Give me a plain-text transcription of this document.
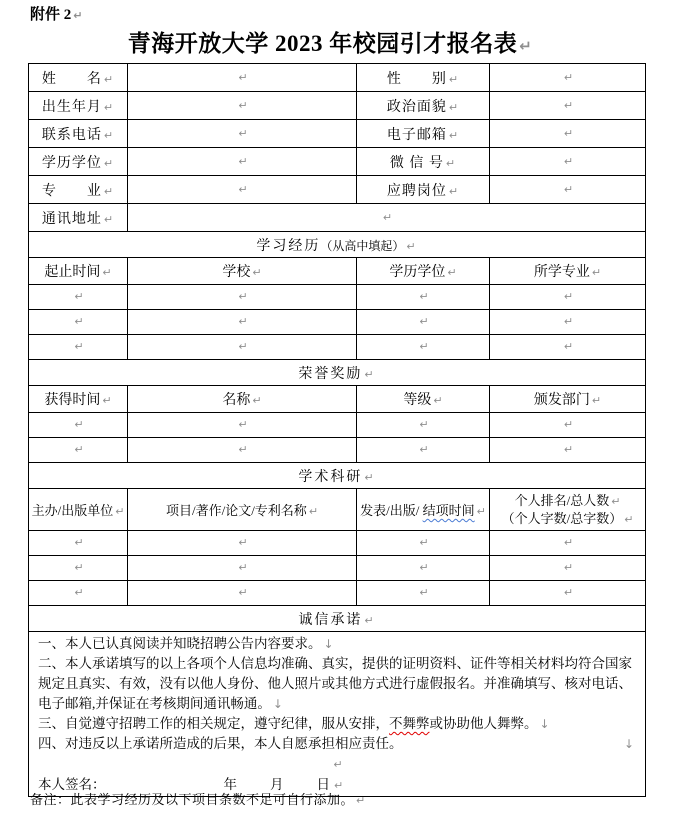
附件 2 ↵
青海开放大学 2023 年校园引才报名表 ↵
姓　　名 ↵	↵	性　　别 ↵	↵	
出生年月 ↵	↵	政治面貌 ↵	↵	
联系电话 ↵	↵	电子邮箱 ↵	↵	
学历学位 ↵	↵	微 信 号 ↵	↵	
专　　业 ↵	↵	应聘岗位 ↵	↵	
通讯地址 ↵	↵			
学习经历（从高中填起） ↵				
起止时间 ↵	学校 ↵	学历学位 ↵	所学专业 ↵	
↵	↵	↵	↵	
↵	↵	↵	↵	
↵	↵	↵	↵	
荣誉奖励 ↵				
获得时间 ↵	名称 ↵	等级 ↵	颁发部门 ↵	
↵	↵	↵	↵	
↵	↵	↵	↵	
学术科研 ↵				
主办/出版单位 ↵	项目/著作/论文/专利名称 ↵	发表/出版/ 结项时间 ↵	个人排名/总人数 ↵
（个人字数/总字数） ↵	

↵	↵	↵	↵	
↵	↵	↵	↵	
↵	↵	↵	↵	
诚信承诺 ↵				

一、本人已认真阅读并知晓招聘公告内容要求。 ↓
二、本人承诺填写的以上各项个人信息均准确、真实，提供的证明资料、证件等相关材料均符合国家规定且真实、有效，没有以他人身份、他人照片或其他方式进行虚假报名。并准确填写、核对电话、电子邮箱,并保证在考核期间通讯畅通。 ↓
三、自觉遵守招聘工作的相关规定，遵守纪律，服从安排，不舞弊或协助他人舞弊。 ↓
四、对违反以上承诺所造成的后果，本人自愿承担相应责任。	↓
↵
本人签名：	年　　月　　日 ↵
备注：此表学习经历及以下项目条数不足可自行添加。 ↵
